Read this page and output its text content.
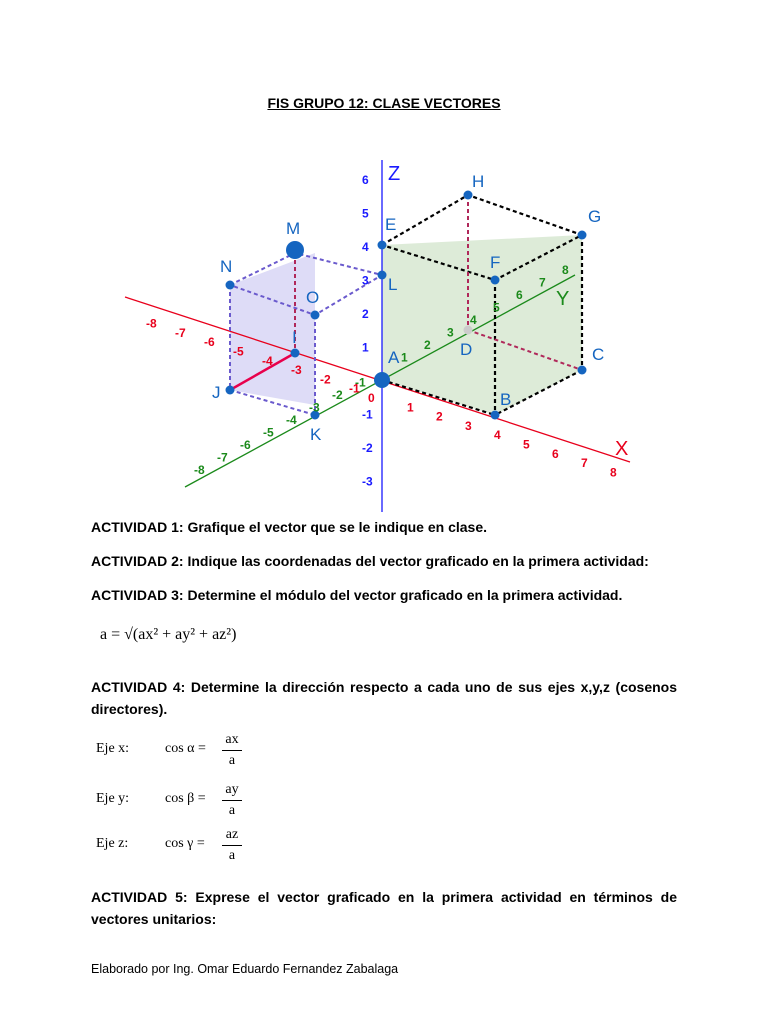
FIS GRUPO 12: CLASE VECTORES
A
B
C
D
E
F
G
H
I
J
K
L
M
N
O
X
Y
Z
0
-8
-7
-6
-5
-4
-3
-2
-1
1
2
3
4
5
6
7
8
-8
-7
-6
-5
-4
-3
-2
-1
1
2
3
4
5
6
7
8
-3
-2
-1
1
2
3
4
5
6
ACTIVIDAD 1: Grafique el vector que se le indique en clase.
ACTIVIDAD 2: Indique las coordenadas del vector graficado en la primera actividad:
ACTIVIDAD 3: Determine el módulo del vector graficado en la primera actividad.
a = √(ax² + ay² + az²)
ACTIVIDAD 4: Determine la dirección respecto a cada uno de sus ejes x,y,z (cosenos directores).
Eje x:
Eje y:
Eje z:
cos α =
cos β =
cos γ =
ax
a
ay
a
az
a
ACTIVIDAD 5: Exprese el vector graficado en la primera actividad en términos de vectores unitarios:
Elaborado por Ing. Omar Eduardo Fernandez Zabalaga
